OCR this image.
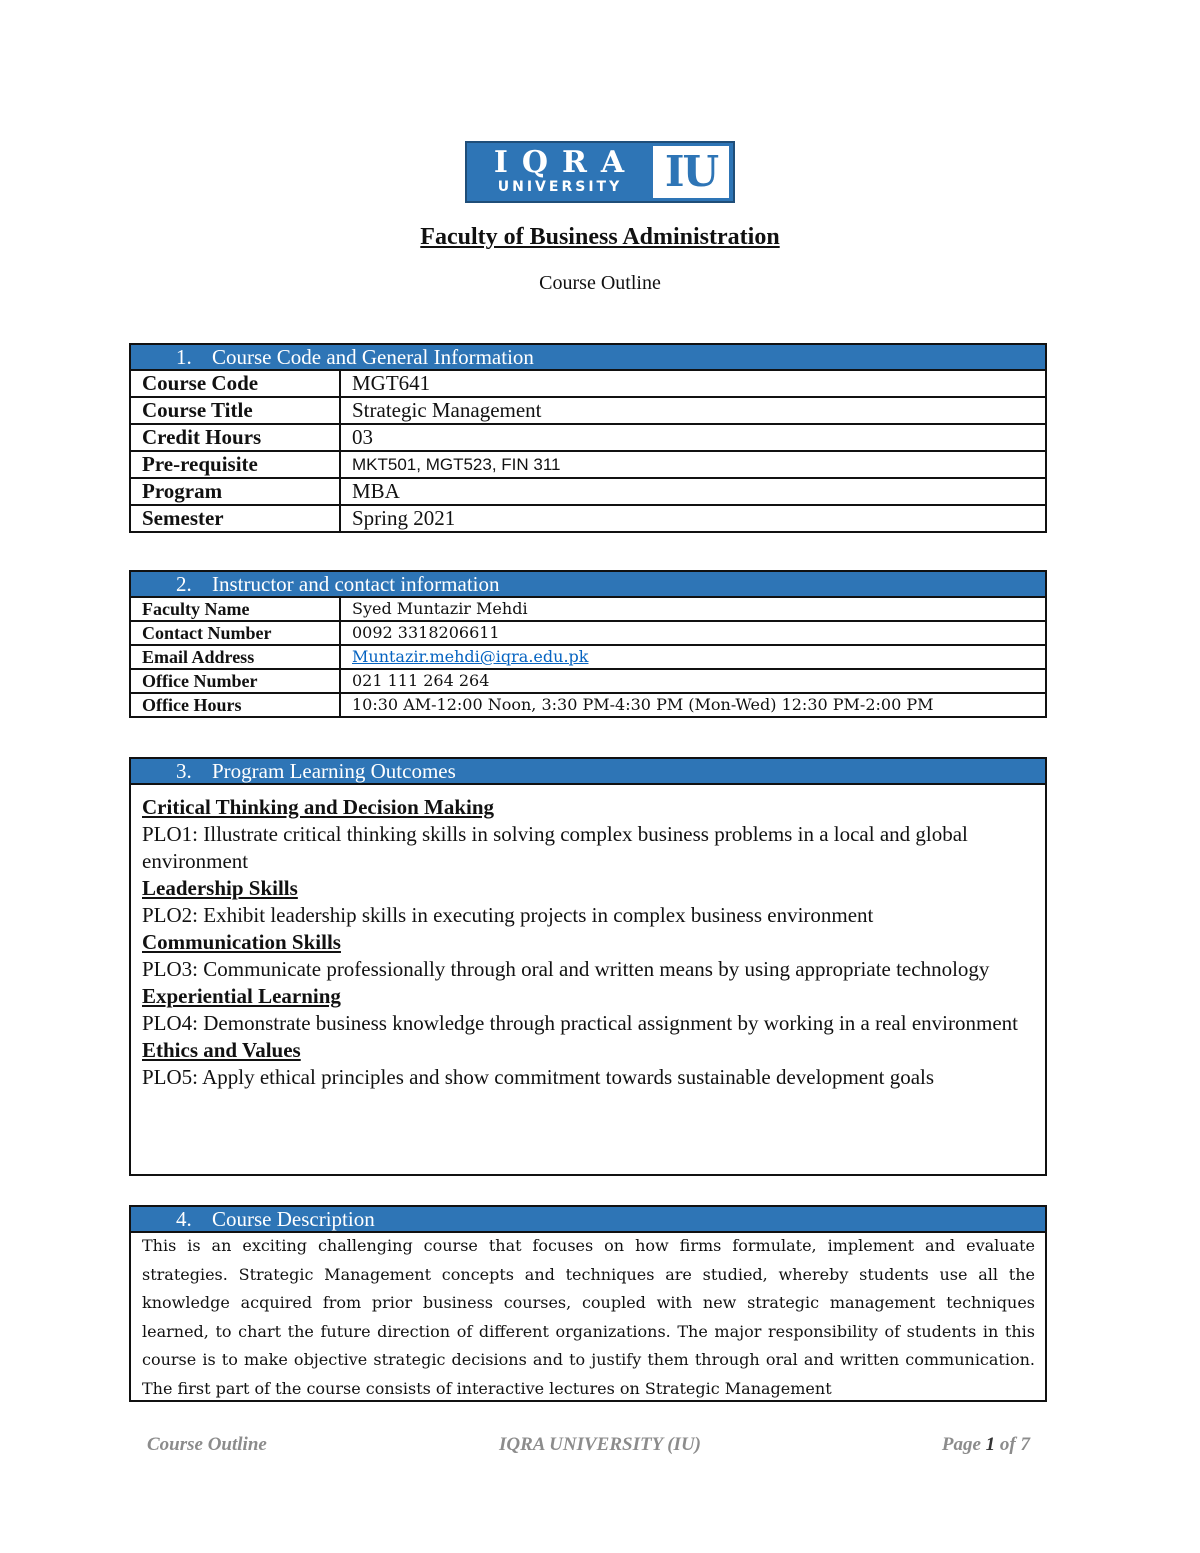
IQRA
UNIVERSITY IU
Faculty of Business Administration
Course Outline
1. Course Code and General Information
Course Code	MGT641
Course Title	Strategic Management
Credit Hours	03
Pre-requisite	MKT501, MGT523, FIN 311
Program	MBA
Semester	Spring 2021
2. Instructor and contact information
Faculty Name	Syed Muntazir Mehdi
Contact Number	0092 3318206611
Email Address	Muntazir.mehdi@iqra.edu.pk
Office Number	021 111 264 264
Office Hours	10:30 AM-12:00 Noon, 3:30 PM-4:30 PM (Mon-Wed) 12:30 PM-2:00 PM
3. Program Learning Outcomes
Critical Thinking and Decision Making
PLO1: Illustrate critical thinking skills in solving complex business problems in a local and global environment
Leadership Skills
PLO2: Exhibit leadership skills in executing projects in complex business environment
Communication Skills
PLO3: Communicate professionally through oral and written means by using appropriate technology
Experiential Learning
PLO4: Demonstrate business knowledge through practical assignment by working in a real environment
Ethics and Values
PLO5: Apply ethical principles and show commitment towards sustainable development goals
4. Course Description
This is an exciting challenging course that focuses on how firms formulate, implement and evaluate strategies. Strategic Management concepts and techniques are studied, whereby students use all the knowledge acquired from prior business courses, coupled with new strategic management techniques learned, to chart the future direction of different organizations. The major responsibility of students in this course is to make objective strategic decisions and to justify them through oral and written communication. The first part of the course consists of interactive lectures on Strategic Management
Course Outline	IQRA UNIVERSITY (IU)	Page 1 of 7
